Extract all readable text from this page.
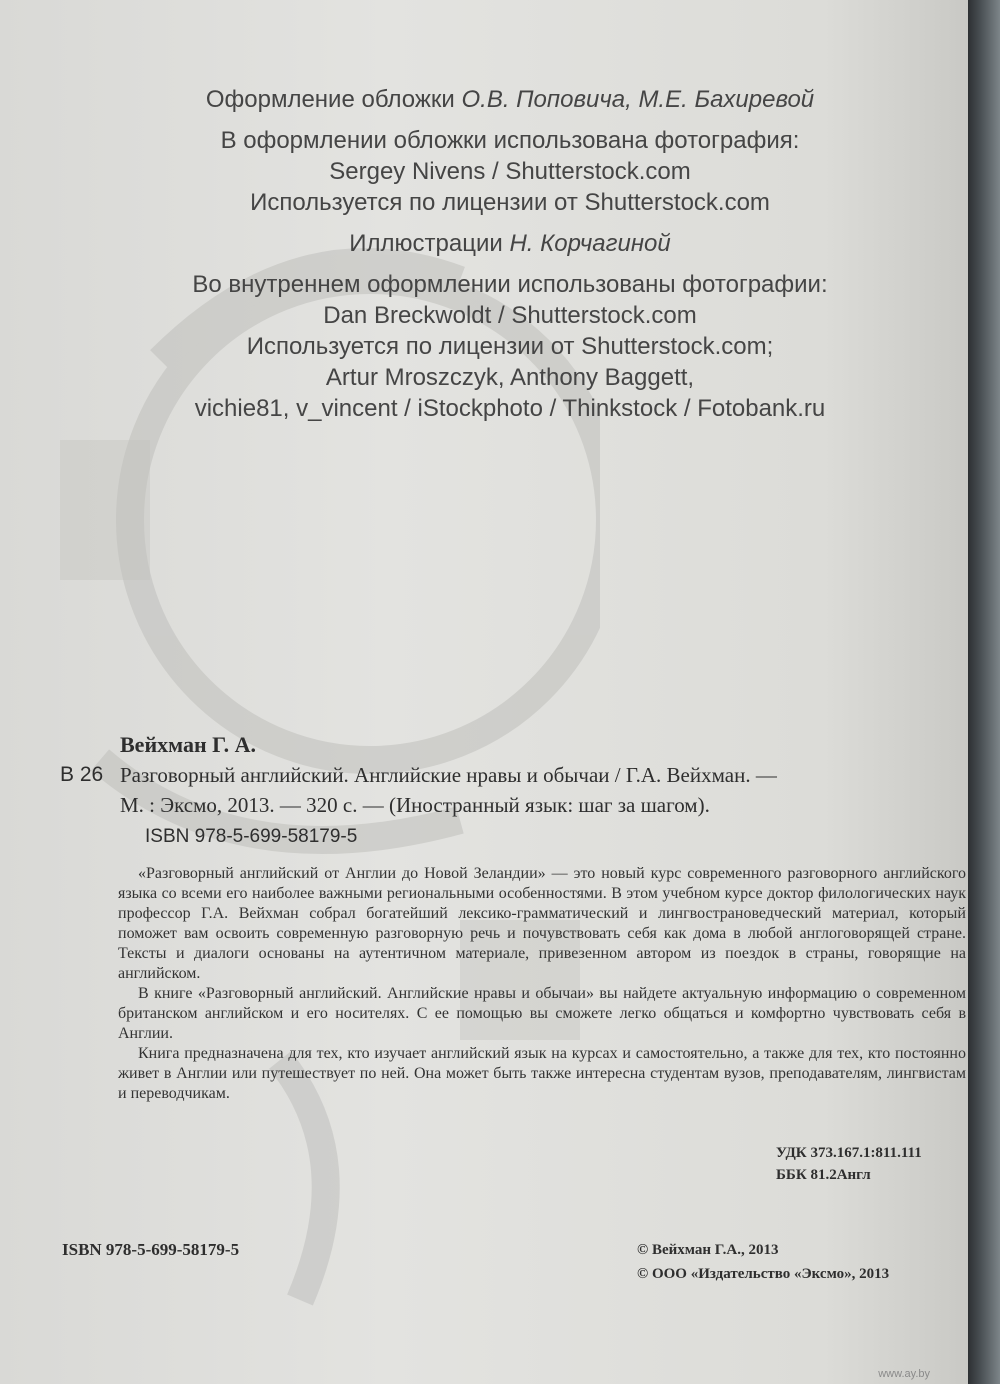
Оформление обложки О.В. Поповича, М.Е. Бахиревой
В оформлении обложки использована фотография:
Sergey Nivens / Shutterstock.com
Используется по лицензии от Shutterstock.com
Иллюстрации Н. Корчагиной
Во внутреннем оформлении использованы фотографии:
Dan Breckwoldt / Shutterstock.com
Используется по лицензии от Shutterstock.com;
Artur Mroszczyk, Anthony Baggett,
vichie81, v_vincent / iStockphoto / Thinkstock / Fotobank.ru
Вейхман Г. А.
В 26 Разговорный английский. Английские нравы и обычаи / Г.А. Вейхман. —
М. : Эксмо, 2013. — 320 с. — (Иностранный язык: шаг за шагом).
ISBN 978-5-699-58179-5

«Разговорный английский от Англии до Новой Зеландии» — это новый курс современного разговорного английского языка со всеми его наиболее важными региональными особенностями. В этом учебном курсе доктор филологических наук профессор Г.А. Вейхман собрал богатейший лексико-грамматический и лингвострановедческий материал, который поможет вам освоить современную разговорную речь и почувствовать себя как дома в любой англоговорящей стране. Тексты и диалоги основаны на аутентичном материале, привезенном автором из поездок в страны, говорящие на английском.

В книге «Разговорный английский. Английские нравы и обычаи» вы найдете актуальную информацию о современном британском английском и его носителях. С ее помощью вы сможете легко общаться и комфортно чувствовать себя в Англии.

Книга предназначена для тех, кто изучает английский язык на курсах и самостоятельно, а также для тех, кто постоянно живет в Англии или путешествует по ней. Она может быть также интересна студентам вузов, преподавателям, лингвистам и переводчикам.

УДК 373.167.1:811.111
ББК 81.2Англ
ISBN 978-5-699-58179-5	© Вейхман Г.А., 2013
© ООО «Издательство «Эксмо», 2013
www.ay.by
